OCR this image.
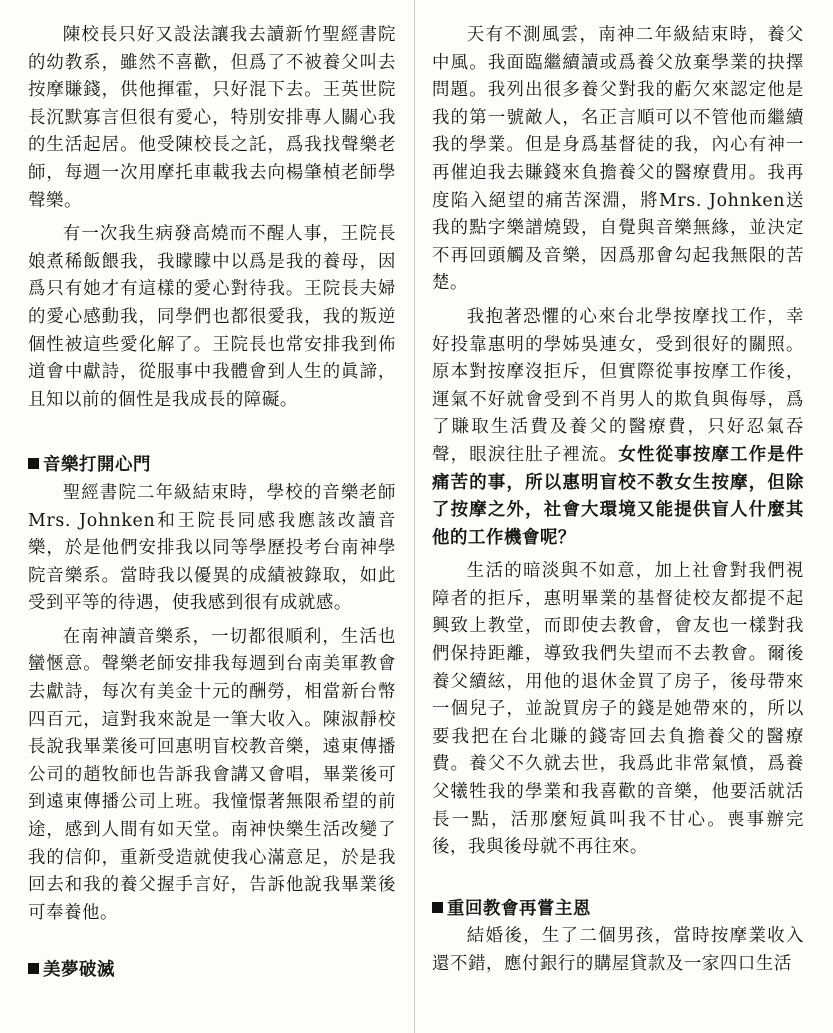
陳校長只好又設法讓我去讀新竹聖經書院的幼教系，雖然不喜歡，但爲了不被養父叫去按摩賺錢，供他揮霍，只好混下去。王英世院長沉默寡言但很有愛心，特別安排專人關心我的生活起居。他受陳校長之託，爲我找聲樂老師，每週一次用摩托車載我去向楊肇楨老師學聲樂。

有一次我生病發高燒而不醒人事，王院長娘煮稀飯餵我，我矇矇中以爲是我的養母，因爲只有她才有這樣的愛心對待我。王院長夫婦的愛心感動我，同學們也都很愛我，我的叛逆個性被這些愛化解了。王院長也常安排我到佈道會中獻詩，從服事中我體會到人生的眞諦，且知以前的個性是我成長的障礙。

音樂打開心門

聖經書院二年級結束時，學校的音樂老師Mrs. Johnken和王院長同感我應該改讀音樂，於是他們安排我以同等學歷投考台南神學院音樂系。當時我以優異的成績被錄取，如此受到平等的待遇，使我感到很有成就感。

在南神讀音樂系，一切都很順利，生活也蠻愜意。聲樂老師安排我每週到台南美軍教會去獻詩，每次有美金十元的酬勞，相當新台幣四百元，這對我來說是一筆大收入。陳淑靜校長說我畢業後可回惠明盲校教音樂，遠東傳播公司的趙牧師也告訴我會講又會唱，畢業後可到遠東傳播公司上班。我憧憬著無限希望的前途，感到人間有如天堂。南神快樂生活改變了我的信仰，重新受造就使我心滿意足，於是我回去和我的養父握手言好，告訴他說我畢業後可奉養他。

美夢破滅

天有不測風雲，南神二年級結束時，養父中風。我面臨繼續讀或爲養父放棄學業的抉擇問題。我列出很多養父對我的虧欠來認定他是我的第一號敵人，名正言順可以不管他而繼續我的學業。但是身爲基督徒的我，內心有神一再催迫我去賺錢來負擔養父的醫療費用。我再度陷入絕望的痛苦深淵，將Mrs. Johnken送我的點字樂譜燒毀，自覺與音樂無緣，並決定不再回頭觸及音樂，因爲那會勾起我無限的苦楚。

我抱著恐懼的心來台北學按摩找工作，幸好投靠惠明的學姊吳連女，受到很好的關照。原本對按摩沒拒斥，但實際從事按摩工作後，運氣不好就會受到不肖男人的欺負與侮辱，爲了賺取生活費及養父的醫療費，只好忍氣吞聲，眼淚往肚子裡流。女性從事按摩工作是件痛苦的事，所以惠明盲校不教女生按摩，但除了按摩之外，社會大環境又能提供盲人什麼其他的工作機會呢？

生活的暗淡與不如意，加上社會對我們視障者的拒斥，惠明畢業的基督徒校友都提不起興致上教堂，而即使去教會，會友也一樣對我們保持距離，導致我們失望而不去教會。爾後養父續絃，用他的退休金買了房子，後母帶來一個兒子，並說買房子的錢是她帶來的，所以要我把在台北賺的錢寄回去負擔養父的醫療費。養父不久就去世，我爲此非常氣憤，爲養父犧牲我的學業和我喜歡的音樂，他要活就活長一點，活那麼短眞叫我不甘心。喪事辦完後，我與後母就不再往來。

重回教會再嘗主恩

結婚後，生了二個男孩，當時按摩業收入還不錯，應付銀行的購屋貸款及一家四口生活
